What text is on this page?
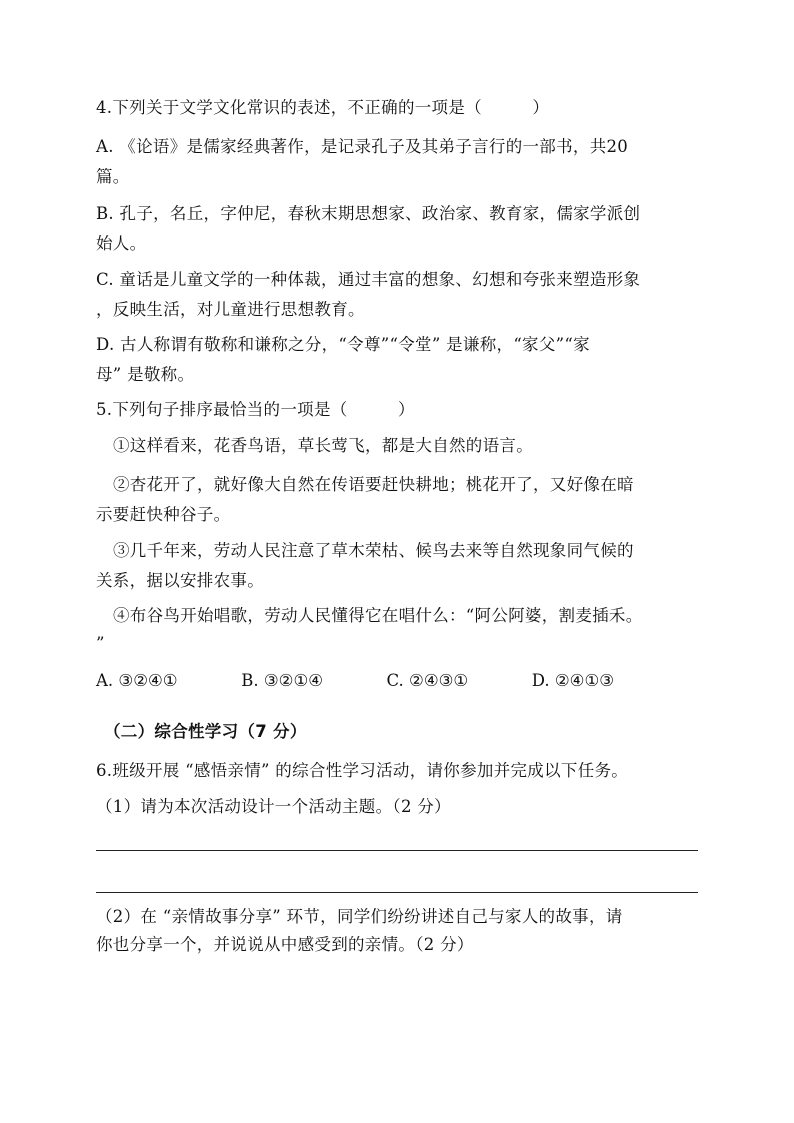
4.下列关于文学文化常识的表述，不正确的一项是（　　　）
A. 《论语》是儒家经典著作，是记录孔子及其弟子言行的一部书，共20
篇。
B. 孔子，名丘，字仲尼，春秋末期思想家、政治家、教育家，儒家学派创
始人。
C. 童话是儿童文学的一种体裁，通过丰富的想象、幻想和夸张来塑造形象
，反映生活，对儿童进行思想教育。
D. 古人称谓有敬称和谦称之分，“令尊”“令堂” 是谦称，“家父”“家
母” 是敬称。
5.下列句子排序最恰当的一项是（　　　）
①这样看来，花香鸟语，草长莺飞，都是大自然的语言。
②杏花开了，就好像大自然在传语要赶快耕地；桃花开了，又好像在暗
示要赶快种谷子。
③几千年来，劳动人民注意了草木荣枯、候鸟去来等自然现象同气候的
关系，据以安排农事。
④布谷鸟开始唱歌，劳动人民懂得它在唱什么：“阿公阿婆，割麦插禾。
”
A. ③②④①	B. ③②①④	C. ②④③①	D. ②④①③
（二）综合性学习（7 分）
6.班级开展 “感悟亲情” 的综合性学习活动，请你参加并完成以下任务。
（1）请为本次活动设计一个活动主题。（2 分）
（2）在 “亲情故事分享” 环节，同学们纷纷讲述自己与家人的故事，请
你也分享一个，并说说从中感受到的亲情。（2 分）
